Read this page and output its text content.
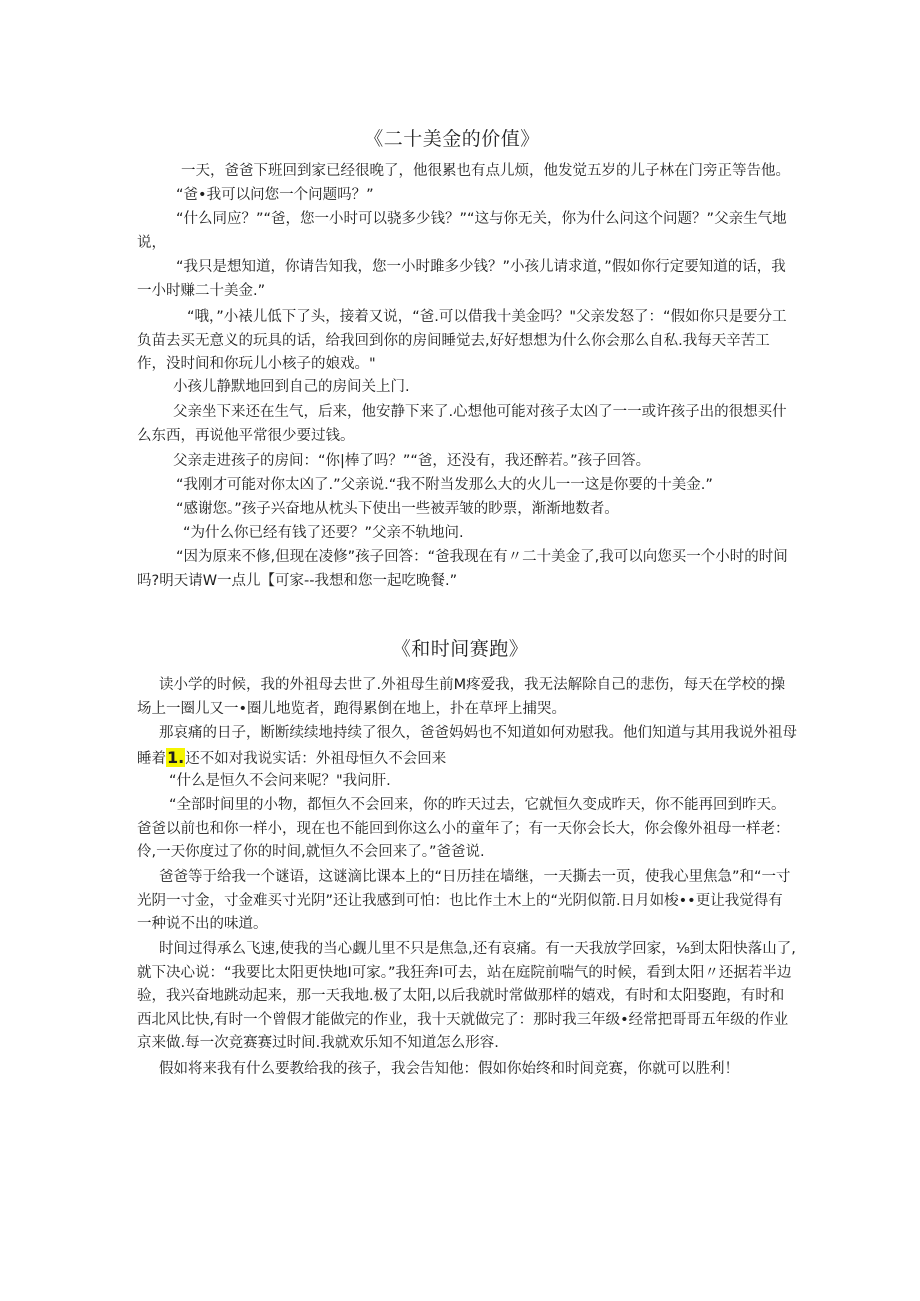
《二十美金的价值》

一天，爸爸下班回到家已经很晚了，他很累也有点儿烦，他发觉五岁的儿子林在门旁正等告他。

“爸•我可以问您一个问题吗？”

“什么同应？”“爸，您一小时可以骁多少钱？”“这与你无关，你为什么问这个问题？”父亲生气地说，

“我只是想知道，你请告知我，您一小时雎多少钱？”小孩儿请求道，”假如你行定要知道的话，我一小时赚二十美金.”

“哦，”小裱儿低下了头，接着又说，“爸.可以借我十美金吗？"父亲发怒了：“假如你只是要分工负苗去买无意义的玩具的话，给我回到你的房间睡觉去,好好想想为什么你会那么自私.我每天辛苦工作，没时间和你玩儿小核子的娘戏。"

小孩儿静默地回到自己的房间关上门.

父亲坐下来还在生气，后来，他安静下来了.心想他可能对孩子太凶了一一或许孩子出的很想买什么东西，再说他平常很少要过钱。

父亲走进孩子的房间：“你|棒了吗？”“爸，还没有，我还醉若。”孩子回答。

“我刚才可能对你太凶了.”父亲说.“我不附当发那么大的火儿一一这是你要的十美金.”

“感谢您。”孩子兴奋地从枕头下使出一些被弄皱的眇票，渐渐地数者。

“为什么你已经有钱了还要？”父亲不轨地问.

“因为原来不修,但现在凌修”孩子回答：“爸我现在有〃二十美金了,我可以向您买一个小时的时间吗?明天请W一点儿【可家--我想和您一起吃晚餐.”

《和时间赛跑》

读小学的时候，我的外祖母去世了.外祖母生前M疼爱我，我无法解除自己的悲伤，每天在学校的操场上一圈儿又一•圈儿地览者，跑得累倒在地上，扑在草坪上捕哭。

那哀痛的日子，断断续续地持续了很久，爸爸妈妈也不知道如何劝慰我。他们知道与其用我说外祖母睡着1.还不如对我说实话：外祖母恒久不会回来

“什么是恒久不会问来呢？"我问肝.

“全部时间里的小物，都恒久不会回来，你的昨天过去，它就恒久变成昨天，你不能再回到昨天。爸爸以前也和你一样小，现在也不能回到你这么小的童年了；有一天你会长大，你会像外祖母一样老：伶,一天你度过了你的时间,就恒久不会回来了。”爸爸说.

爸爸等于给我一个谜语，这谜滴比课本上的“日历挂在墙继，一天撕去一页，使我心里焦急”和“一寸光阴一寸金，寸金难买寸光阴”还让我感到可怕：也比作土木上的“光阴似箭.日月如梭••更让我觉得有一种说不出的味道。

时间过得承么飞速,使我的当心觑儿里不只是焦急,还有哀痛。有一天我放学回家，⅛到太阳快落山了,就下决心说：“我要比太阳更快地I可家。”我狂奔I可去，站在庭院前喘气的时候，看到太阳〃还据若半边验，我兴奋地跳动起来，那一天我地.极了太阳,以后我就时常做那样的嬉戏，有时和太阳娶跑，有时和西北风比快,有时一个曾假才能做完的作业，我十天就做完了：那时我三年级•经常把哥哥五年级的作业京来做.每一次竞赛赛过时间.我就欢乐知不知道怎么形容.

假如将来我有什么要教给我的孩子，我会告知他：假如你始终和时间竞赛，你就可以胜利！
